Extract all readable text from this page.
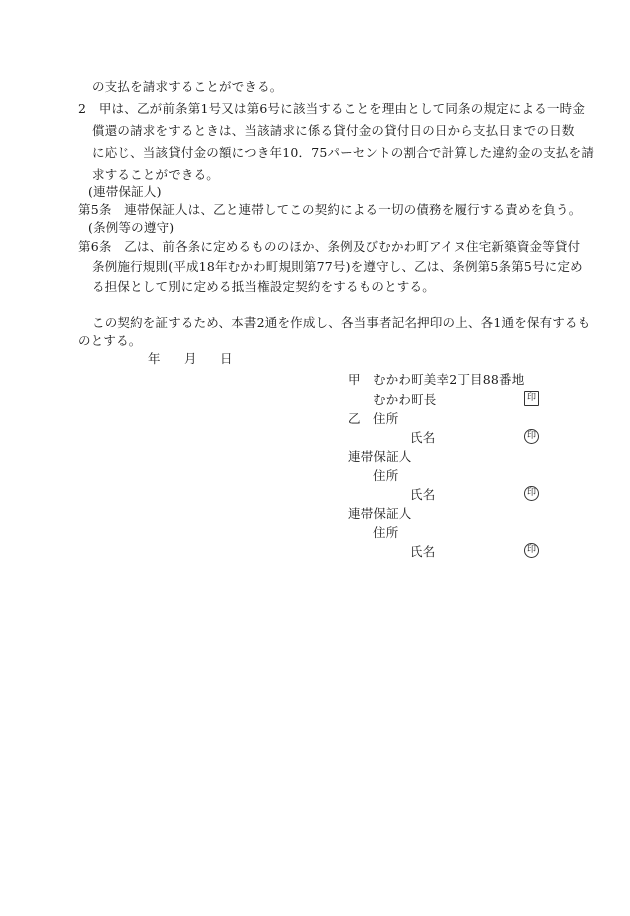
の支払を請求することができる。
2　甲は、乙が前条第1号又は第6号に該当することを理由として同条の規定による一時金
償還の請求をするときは、当該請求に係る貸付金の貸付日の日から支払日までの日数
に応じ、当該貸付金の額につき年10．75パーセントの割合で計算した違約金の支払を請
求することができる。
(連帯保証人)
第5条　連帯保証人は、乙と連帯してこの契約による一切の債務を履行する責めを負う。
(条例等の遵守)
第6条　乙は、前各条に定めるもののほか、条例及びむかわ町アイヌ住宅新築資金等貸付
条例施行規則(平成18年むかわ町規則第77号)を遵守し、乙は、条例第5条第5号に定め
る担保として別に定める抵当権設定契約をするものとする。
この契約を証するため、本書2通を作成し、各当事者記名押印の上、各1通を保有するも
のとする。
年 月 日
甲 むかわ町美幸2丁目88番地
むかわ町長	印
乙 住所
氏名	印
連帯保証人
住所
氏名	印
連帯保証人
住所
氏名	印
